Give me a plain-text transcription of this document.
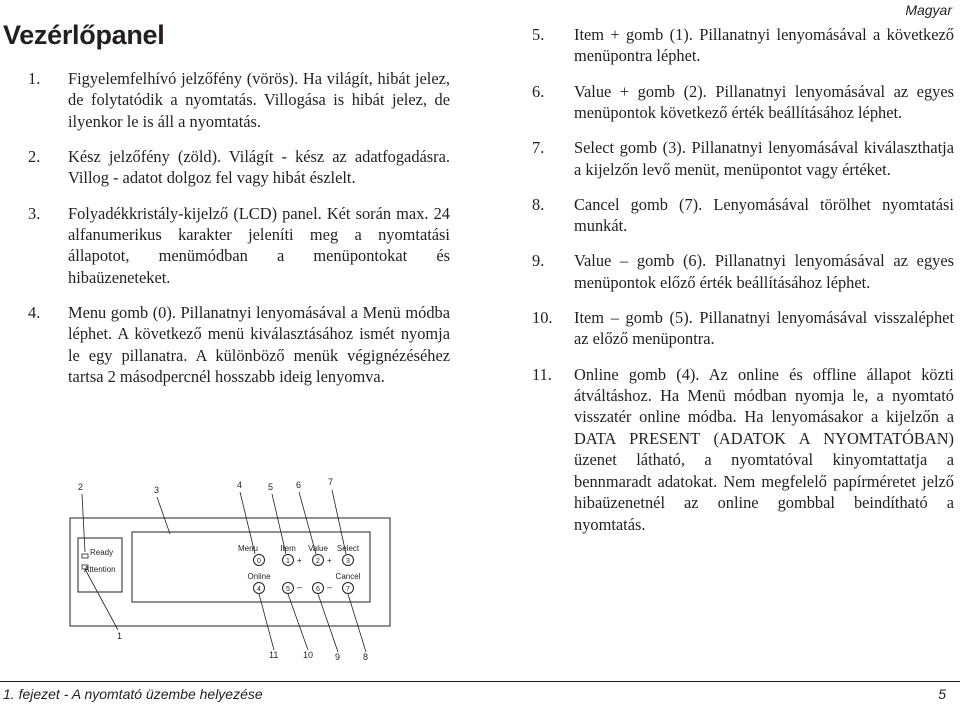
Magyar
Vezérlőpanel
1.	Figyelemfelhívó jelzőfény (vörös). Ha világít, hibát jelez, de folytatódik a nyomtatás. Villogása is hibát jelez, de ilyenkor le is áll a nyomtatás.
2.	Kész jelzőfény (zöld). Világít - kész az adatfogadásra. Villog - adatot dolgoz fel vagy hibát észlelt.
3.	Folyadékkristály-kijelző (LCD) panel. Két során max. 24 alfanumerikus karakter jeleníti meg a nyomtatási állapotot, menümódban a menüpontokat és hibaüzeneteket.
4.	Menu gomb (0). Pillanatnyi lenyomásával a Menü módba léphet. A következő menü kiválasztásához ismét nyomja le egy pillanatra. A különböző menük végignézéséhez tartsa 2 másodpercnél hosszabb ideig lenyomva.
5.	Item + gomb (1). Pillanatnyi lenyomásával a következő menüpontra léphet.
6.	Value + gomb (2). Pillanatnyi lenyomásával az egyes menüpontok következő érték beállításához léphet.
7.	Select gomb (3). Pillanatnyi lenyomásával kiválaszthatja a kijelzőn levő menüt, menüpontot vagy értéket.
8.	Cancel gomb (7). Lenyomásával törölhet nyomtatási munkát.
9.	Value – gomb (6). Pillanatnyi lenyomásával az egyes menüpontok előző érték beállításához léphet.
10.	Item – gomb (5). Pillanatnyi lenyomásával visszaléphet az előző menüpontra.
11.	Online gomb (4). Az online és offline állapot közti átváltáshoz. Ha Menü módban nyomja le, a nyomtató visszatér online módba. Ha lenyomásakor a kijelzőn a DATA PRESENT (ADATOK A NYOMTATÓBAN) üzenet látható, a nyomtatóval kinyomtattatja a bennmaradt adatokat. Nem megfelelő papírméretet jelző hibaüzenetnél az online gombbal beindítható a nyomtatás.
Ready
Attention
Menu	Item Value Select
0	1	2	3
+	+
–	–
Online	Cancel
4	5	6	7
2	3	4	5	6	7
1
11	10 9	8
1. fejezet - A nyomtató üzembe helyezése	5
